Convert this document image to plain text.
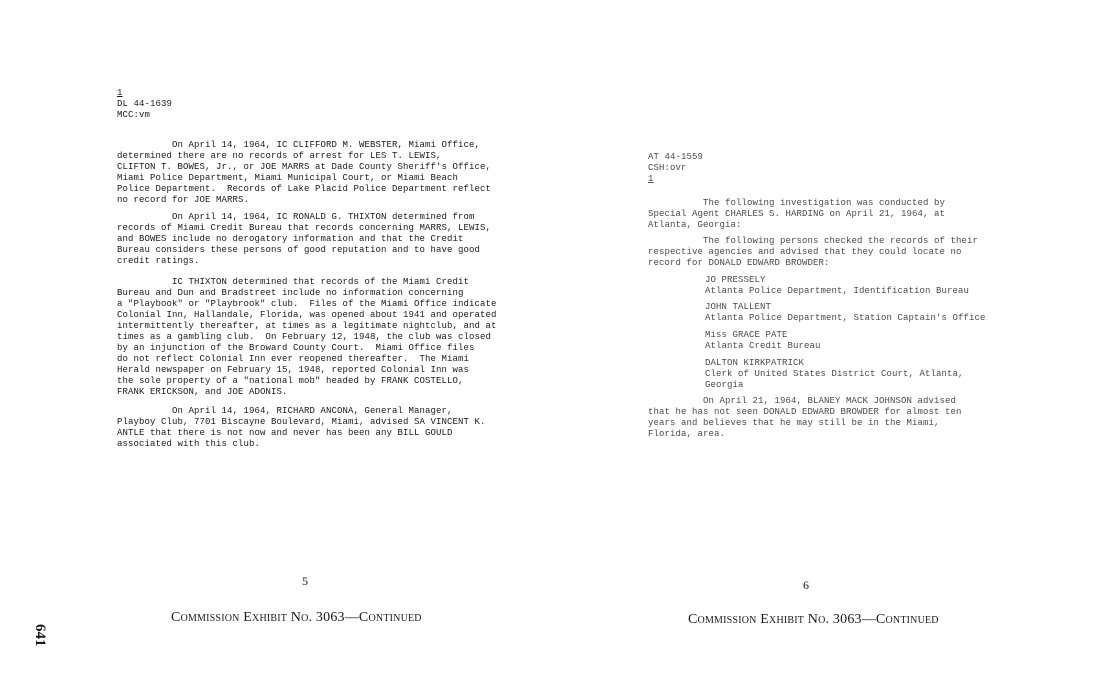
1
DL 44-1639
MCC:vm
On April 14, 1964, IC CLIFFORD M. WEBSTER, Miami Office,
determined there are no records of arrest for LES T. LEWIS,
CLIFTON T. BOWES, Jr., or JOE MARRS at Dade County Sheriff's Office,
Miami Police Department, Miami Municipal Court, or Miami Beach
Police Department.  Records of Lake Placid Police Department reflect
no record for JOE MARRS.
On April 14, 1964, IC RONALD G. THIXTON determined from
records of Miami Credit Bureau that records concerning MARRS, LEWIS,
and BOWES include no derogatory information and that the Credit
Bureau considers these persons of good reputation and to have good
credit ratings.
IC THIXTON determined that records of the Miami Credit
Bureau and Dun and Bradstreet include no information concerning
a "Playbook" or "Playbrook" club.  Files of the Miami Office indicate
Colonial Inn, Hallandale, Florida, was opened about 1941 and operated
intermittently thereafter, at times as a legitimate nightclub, and at
times as a gambling club.  On February 12, 1948, the club was closed
by an injunction of the Broward County Court.  Miami Office files
do not reflect Colonial Inn ever reopened thereafter.  The Miami
Herald newspaper on February 15, 1948, reported Colonial Inn was
the sole property of a "national mob" headed by FRANK COSTELLO,
FRANK ERICKSON, and JOE ADONIS.
On April 14, 1964, RICHARD ANCONA, General Manager,
Playboy Club, 7701 Biscayne Boulevard, Miami, advised SA VINCENT K.
ANTLE that there is not now and never has been any BILL GOULD
associated with this club.
5
Commission Exhibit No. 3063—Continued
641
AT 44-1559
CSH:ovr
1
The following investigation was conducted by
Special Agent CHARLES S. HARDING on April 21, 1964, at
Atlanta, Georgia:
The following persons checked the records of their
respective agencies and advised that they could locate no
record for DONALD EDWARD BROWDER:
JO PRESSELY
Atlanta Police Department, Identification Bureau
JOHN TALLENT
Atlanta Police Department, Station Captain's Office
Miss GRACE PATE
Atlanta Credit Bureau
DALTON KIRKPATRICK
Clerk of United States District Court, Atlanta,
Georgia
On April 21, 1964, BLANEY MACK JOHNSON advised
that he has not seen DONALD EDWARD BROWDER for almost ten
years and believes that he may still be in the Miami,
Florida, area.
6
Commission Exhibit No. 3063—Continued
